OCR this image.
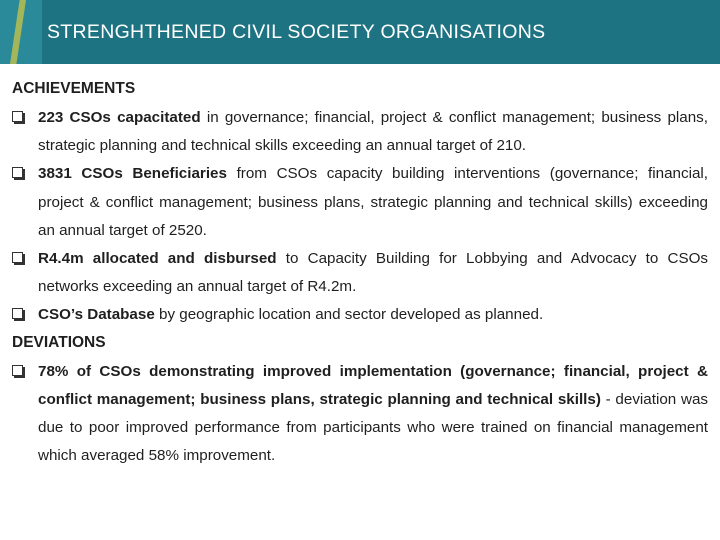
STRENGHTHENED CIVIL SOCIETY ORGANISATIONS
ACHIEVEMENTS
223 CSOs capacitated in governance; financial, project & conflict management; business plans, strategic planning and technical skills exceeding an annual target of 210.
3831 CSOs Beneficiaries from CSOs capacity building interventions (governance; financial, project & conflict management; business plans, strategic planning and technical skills) exceeding an annual target of 2520.
R4.4m allocated and disbursed to Capacity Building for Lobbying and Advocacy to CSOs networks exceeding an annual target of R4.2m.
CSO’s Database by geographic location and sector developed as planned.
DEVIATIONS
78% of CSOs demonstrating improved implementation (governance; financial, project & conflict management; business plans, strategic planning and technical skills) - deviation was due to poor improved performance from participants who were trained on financial management which averaged 58% improvement.
